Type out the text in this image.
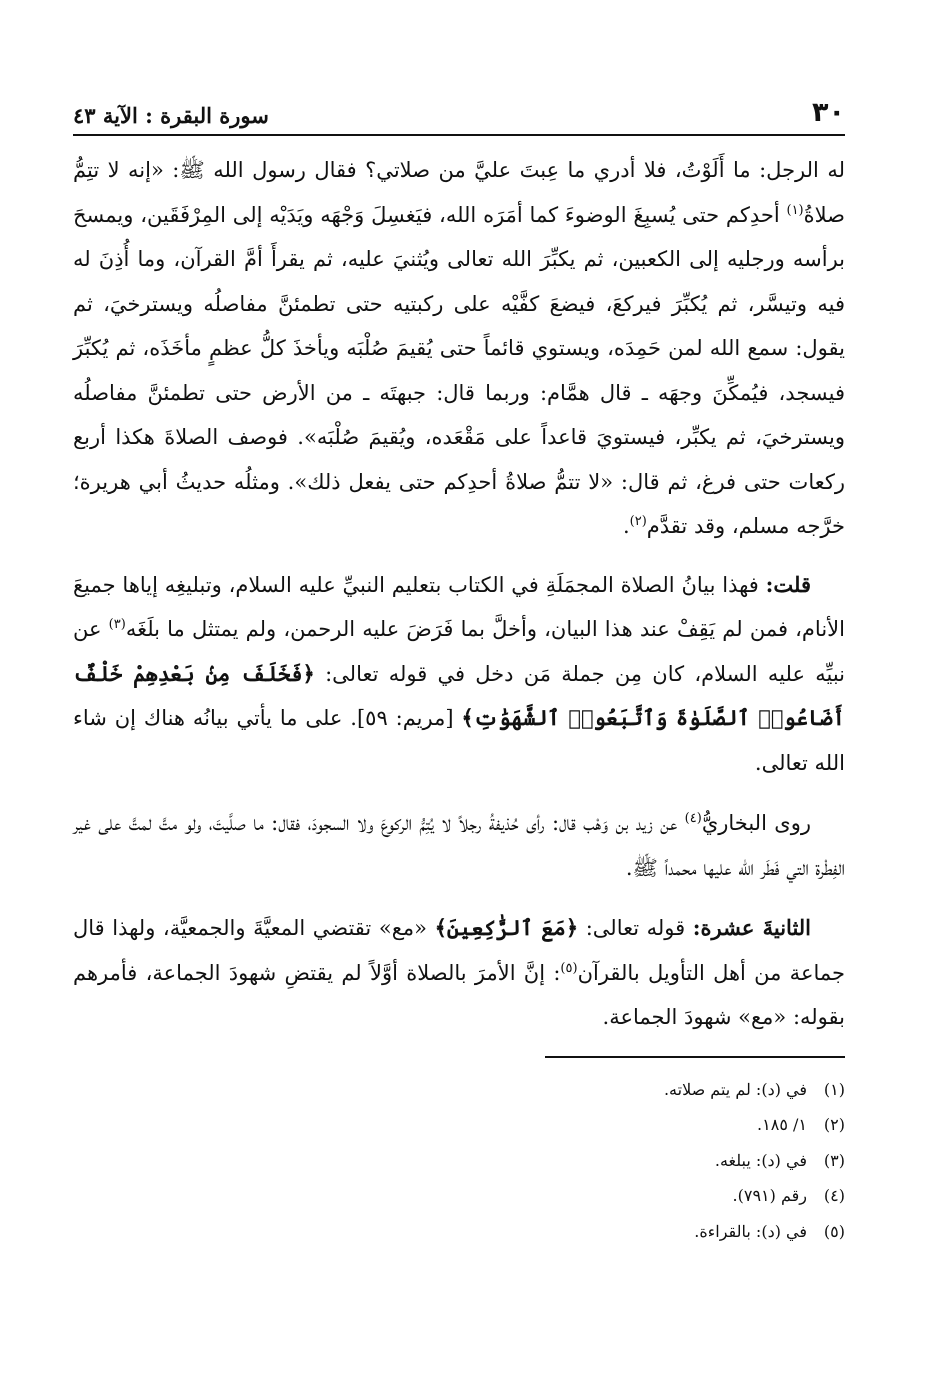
٣٠
سورة البقرة : الآية ٤٣

له الرجل: ما أَلَوْتُ، فلا أدري ما عِبتَ عليَّ من صلاتي؟ فقال رسول الله ﷺ: «إنه لا تتِمُّ صلاةُ$^{(١)}$ أحدِكم حتى يُسبِغَ الوضوءَ كما أمَرَه الله، فيَغسِلَ وَجْهَه ويَدَيْه إلى المِرْفَقَين، ويمسحَ برأسه ورجليه إلى الكعبين، ثم يكبِّرَ الله تعالى ويُثنيَ عليه، ثم يقرأَ أمَّ القرآن، وما أُذِنَ له فيه وتيسَّر، ثم يُكبِّرَ فيركعَ، فيضعَ كفَّيْه على ركبتيه حتى تطمئنَّ مفاصلُه ويسترخيَ، ثم يقول: سمع الله لمن حَمِدَه، ويستوي قائماً حتى يُقيمَ صُلْبَه ويأخذَ كلُّ عظمٍ مأخَذَه، ثم يُكبِّرَ فيسجد، فيُمكِّنَ وجهَه ـ قال همَّام: وربما قال: جبهتَه ـ من الأرض حتى تطمئنَّ مفاصلُه ويسترخيَ، ثم يكبِّر، فيستويَ قاعداً على مَقْعَده، ويُقيمَ صُلْبَه». فوصف الصلاةَ هكذا أربع ركعات حتى فرغ، ثم قال: «لا تتمُّ صلاةُ أحدِكم حتى يفعل ذلك». ومثلُه حديثُ أبي هريرة؛ خرَّجه مسلم، وقد تقدَّم$^{(٢)}$.

قلت: فهذا بيانُ الصلاة المجمَلَةِ في الكتاب بتعليم النبيِّ عليه السلام، وتبليغِه إياها جميعَ الأنام، فمن لم يَقِفْ عند هذا البيان، وأخلَّ بما فَرَضَ عليه الرحمن، ولم يمتثل ما بلَغَه$^{(٣)}$ عن نبيِّه عليه السلام، كان مِن جملة مَن دخل في قوله تعالى: ﴿فَخَلَفَ مِنۢ بَعْدِهِمْ خَلْفٌ أَضَاعُوا۟ ٱلصَّلَوٰةَ وَٱتَّبَعُوا۟ ٱلشَّهَوَٰتِ﴾ [مريم: ٥٩]. على ما يأتي بيانُه هناك إن شاء الله تعالى.

روى البخاريُّ$^{(٤)}$ عن زيد بن وَهْب قال: رأى حُذيفةُ رجلاً لا يُتِمُّ الركوعَ ولا السجودَ، فقال: ما صلَّيتَ، ولو متَّ لمتَّ على غير الفِطْرة التي فَطَر الله عليها محمداً ﷺ.

الثانيةَ عشرة: قوله تعالى: ﴿مَعَ ٱلرَّٰكِعِينَ﴾ «مع» تقتضي المعيَّةَ والجمعيَّة، ولهذا قال جماعة من أهل التأويل بالقرآن$^{(٥)}$: إنَّ الأمرَ بالصلاة أوَّلاً لم يقتضِ شهودَ الجماعة، فأمرهم بقوله: «مع» شهودَ الجماعة.

(١)
في (د): لم يتم صلاته.
(٢)
١/ ١٨٥.
(٣)
في (د): يبلغه.
(٤)
رقم (٧٩١).
(٥)
في (د): بالقراءة.
